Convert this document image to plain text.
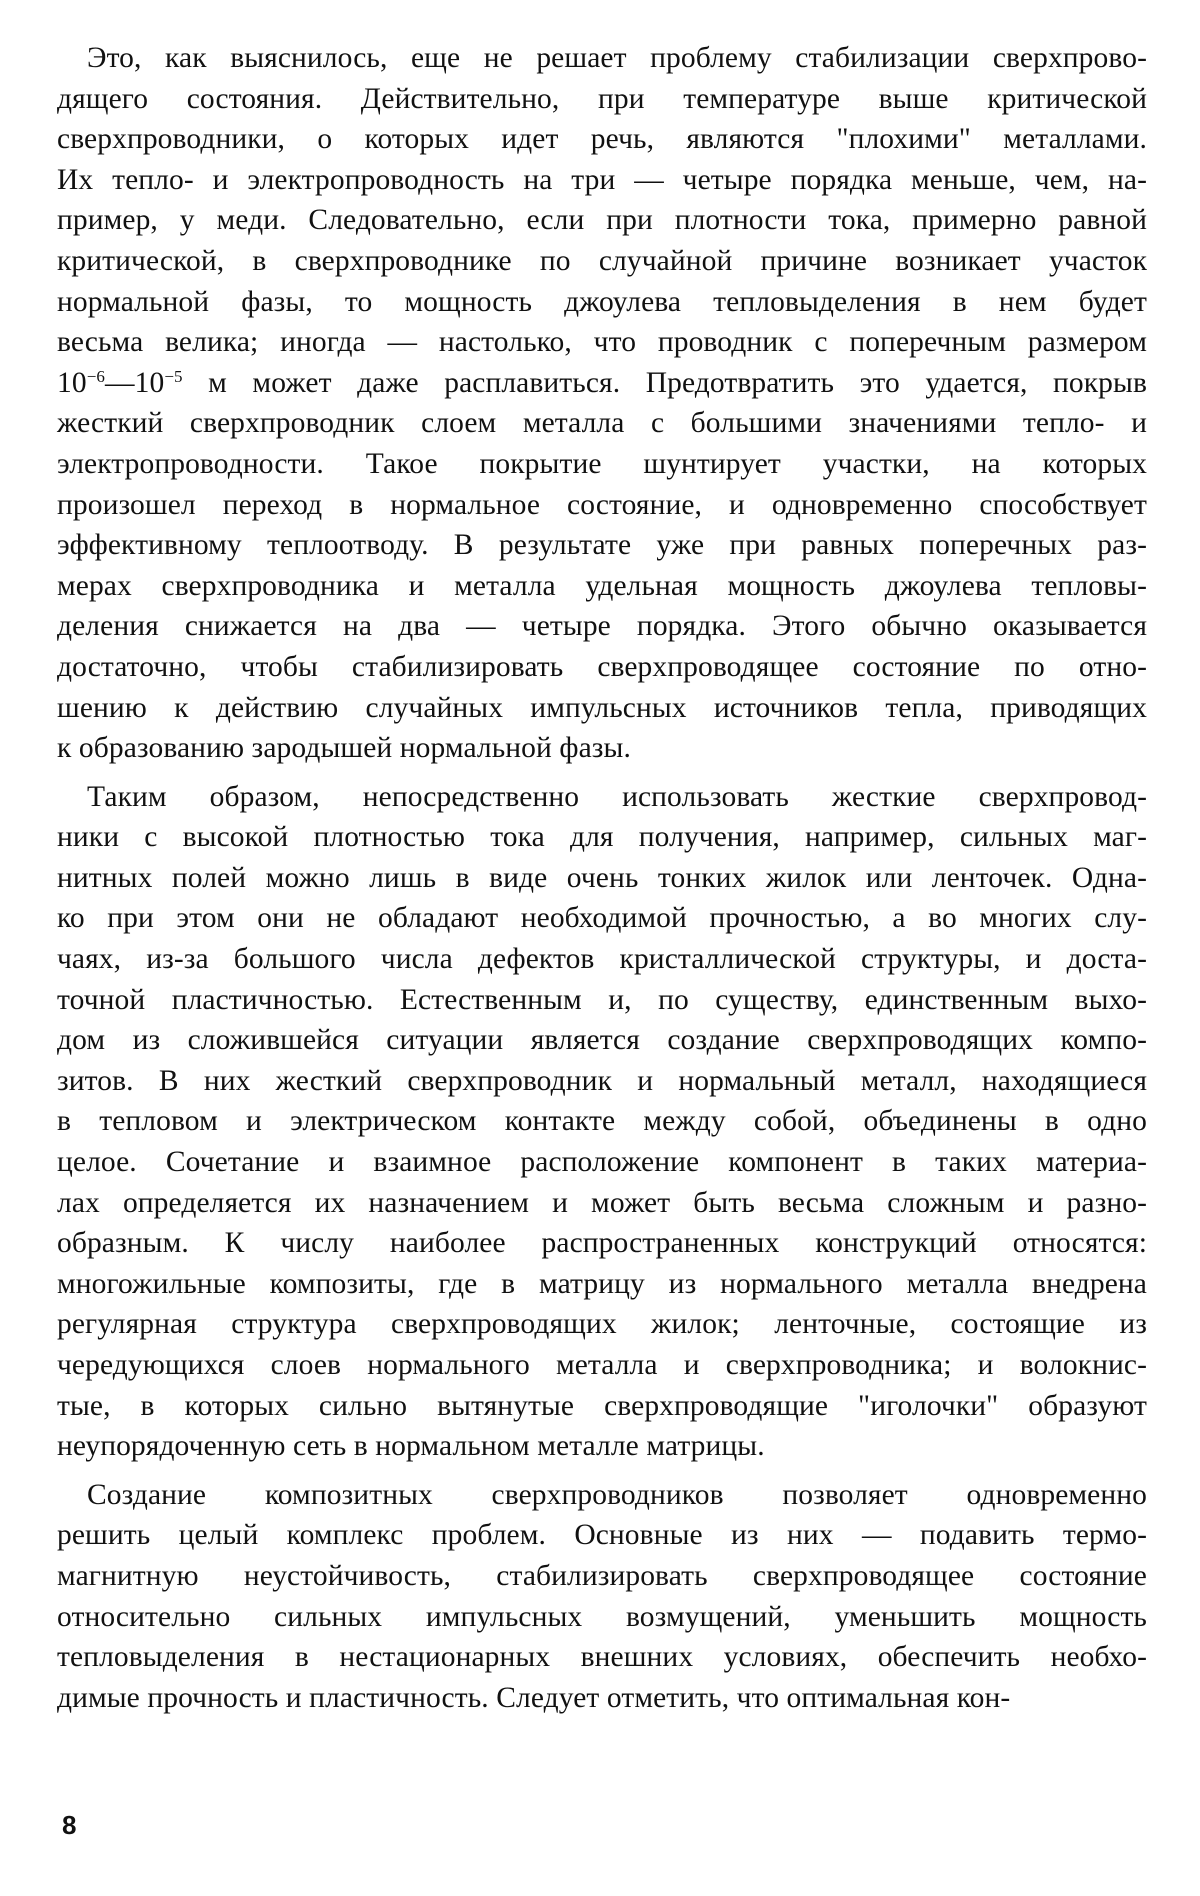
Это, как выяснилось, еще не решает проблему стабилизации сверхпрово-
дящего состояния. Действительно, при температуре выше критической
сверхпроводники, о которых идет речь, являются "плохими" металлами.
Их тепло- и электропроводность на три — четыре порядка меньше, чем, на-
пример, у меди. Следовательно, если при плотности тока, примерно равной
критической, в сверхпроводнике по случайной причине возникает участок
нормальной фазы, то мощность джоулева тепловыделения в нем будет
весьма велика; иногда — настолько, что проводник с поперечным размером
$10^{-6}—10^{-5}$ м может даже расплавиться. Предотвратить это удается, покрыв
жесткий сверхпроводник слоем металла с большими значениями тепло- и
электропроводности. Такое покрытие шунтирует участки, на которых
произошел переход в нормальное состояние, и одновременно способствует
эффективному теплоотводу. В результате уже при равных поперечных раз-
мерах сверхпроводника и металла удельная мощность джоулева тепловы-
деления снижается на два — четыре порядка. Этого обычно оказывается
достаточно, чтобы стабилизировать сверхпроводящее состояние по отно-
шению к действию случайных импульсных источников тепла, приводящих
к образованию зародышей нормальной фазы.

Таким образом, непосредственно использовать жесткие сверхпровод-
ники с высокой плотностью тока для получения, например, сильных маг-
нитных полей можно лишь в виде очень тонких жилок или ленточек. Одна-
ко при этом они не обладают необходимой прочностью, а во многих слу-
чаях, из-за большого числа дефектов кристаллической структуры, и доста-
точной пластичностью. Естественным и, по существу, единственным выхо-
дом из сложившейся ситуации является создание сверхпроводящих компо-
зитов. В них жесткий сверхпроводник и нормальный металл, находящиеся
в тепловом и электрическом контакте между собой, объединены в одно
целое. Сочетание и взаимное расположение компонент в таких материа-
лах определяется их назначением и может быть весьма сложным и разно-
образным. К числу наиболее распространенных конструкций относятся:
многожильные композиты, где в матрицу из нормального металла внедрена
регулярная структура сверхпроводящих жилок; ленточные, состоящие из
чередующихся слоев нормального металла и сверхпроводника; и волокнис-
тые, в которых сильно вытянутые сверхпроводящие "иголочки" образуют
неупорядоченную сеть в нормальном металле матрицы.

Создание композитных сверхпроводников позволяет одновременно
решить целый комплекс проблем. Основные из них — подавить термо-
магнитную неустойчивость, стабилизировать сверхпроводящее состояние
относительно сильных импульсных возмущений, уменьшить мощность
тепловыделения в нестационарных внешних условиях, обеспечить необхо-
димые прочность и пластичность. Следует отметить, что оптимальная кон-

8
